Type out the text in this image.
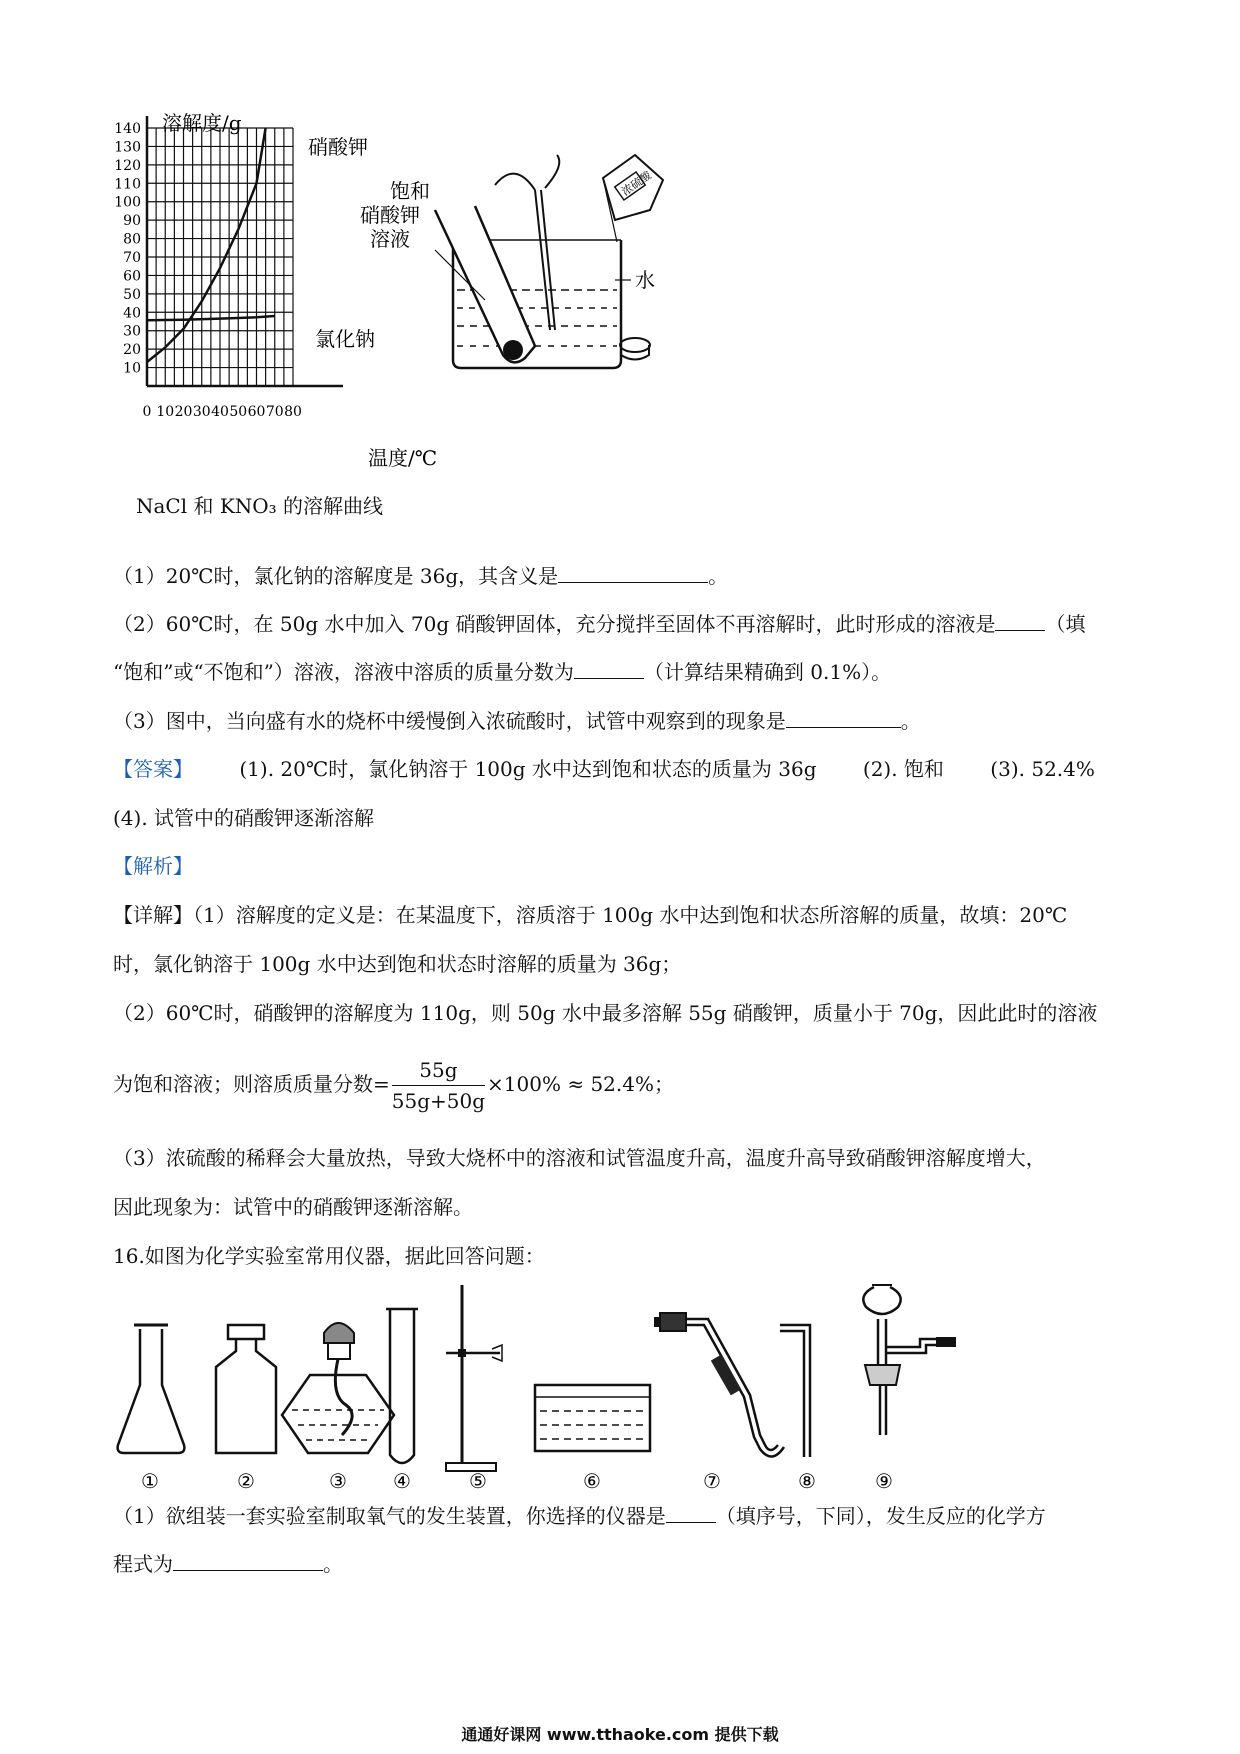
10
20
30
40
50
60
70
80
90
100
110
120
130
140
0 10 20 30 40 50 60 70 80
溶解度/g
温度/℃
硝酸钾
氯化钠
NaCl 和 KNO₃ 的溶解曲线
饱和
硝酸钾
溶液
水
浓硫酸
（1）20℃时，氯化钠的溶解度是 36g，其含义是	。
（2）60℃时，在 50g 水中加入 70g 硝酸钾固体，充分搅拌至固体不再溶解时，此时形成的溶液是	（填
“饱和”或“不饱和”）溶液，溶液中溶质的质量分数为	（计算结果精确到 0.1%）。
（3）图中，当向盛有水的烧杯中缓慢倒入浓硫酸时，试管中观察到的现象是	。
【答案】 (1). 20℃时，氯化钠溶于 100g 水中达到饱和状态的质量为 36g (2). 饱和 (3). 52.4%
(4). 试管中的硝酸钾逐渐溶解
【解析】
【详解】（1）溶解度的定义是：在某温度下，溶质溶于 100g 水中达到饱和状态所溶解的质量，故填：20℃
时，氯化钠溶于 100g 水中达到饱和状态时溶解的质量为 36g；
（2）60℃时，硝酸钾的溶解度为 110g，则 50g 水中最多溶解 55g 硝酸钾，质量小于 70g，因此此时的溶液
为饱和溶液；则溶质质量分数= $\frac{55g}{55g+50g} \times 100\% \approx 52.4\%$；
（3）浓硫酸的稀释会大量放热，导致大烧杯中的溶液和试管温度升高，温度升高导致硝酸钾溶解度增大，
因此现象为：试管中的硝酸钾逐渐溶解。
16.如图为化学实验室常用仪器，据此回答问题：
①	②	③ ④	⑤	⑥	⑦	⑧	⑨
（1）欲组装一套实验室制取氧气的发生装置，你选择的仪器是	（填序号，下同），发生反应的化学方
程式为	。
通通好课网 www.tthaoke.com 提供下载
